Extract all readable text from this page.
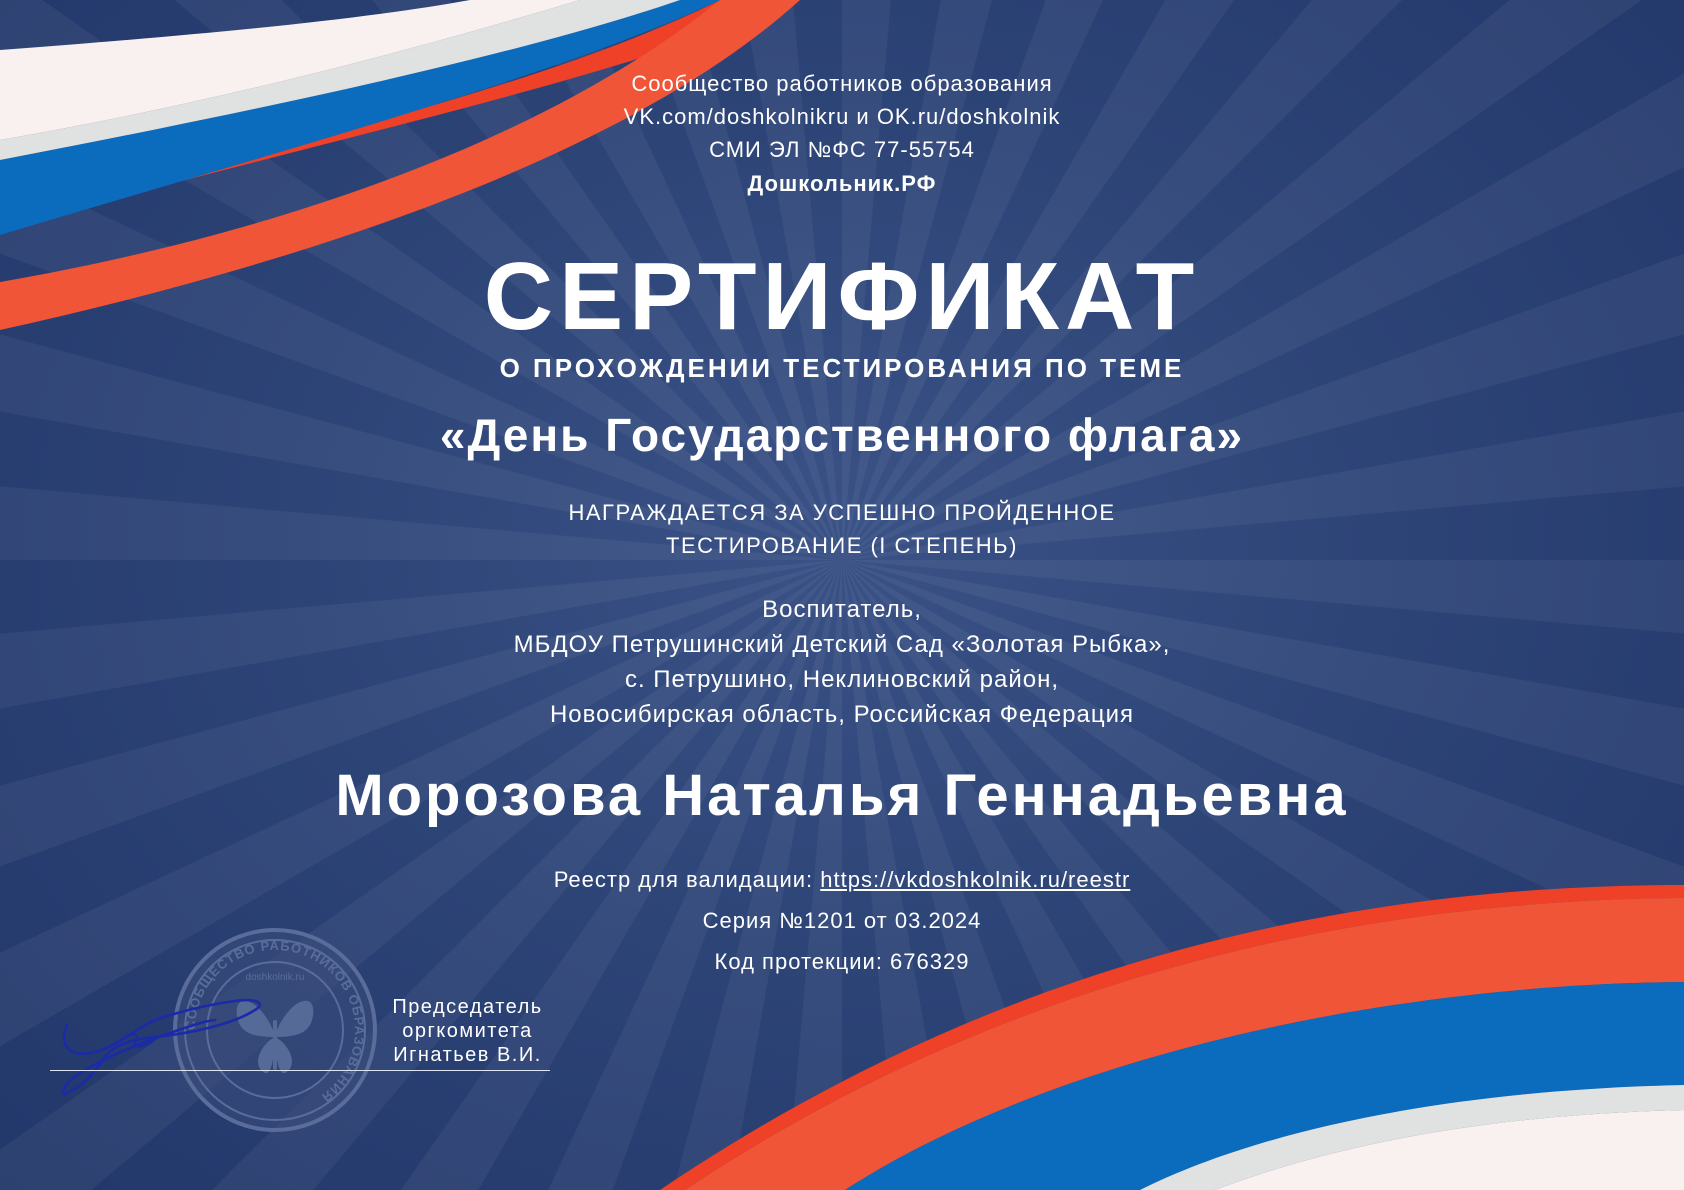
СООБЩЕСТВО РАБОТНИКОВ ОБРАЗОВАНИЯ
doshkolnik.ru

Сообщество работников образования

VK.com/doshkolnikru и OK.ru/doshkolnik

СМИ ЭЛ №ФС 77-55754

Дошкольник.РФ

СЕРТИФИКАТ
О ПРОХОЖДЕНИИ ТЕСТИРОВАНИЯ ПО ТЕМЕ
«День Государственного флага»

НАГРАЖДАЕТСЯ ЗА УСПЕШНО ПРОЙДЕННОЕ

ТЕСТИРОВАНИЕ (I СТЕПЕНЬ)

Воспитатель,

МБДОУ Петрушинский Детский Сад «Золотая Рыбка»,

с. Петрушино, Неклиновский район,

Новосибирская область, Российская Федерация

Морозова Наталья Геннадьевна

Реестр для валидации: https://vkdoshkolnik.ru/reestr

Серия №1201 от 03.2024

Код протекции: 676329

Председатель
оргкомитета
Игнатьев В.И.
